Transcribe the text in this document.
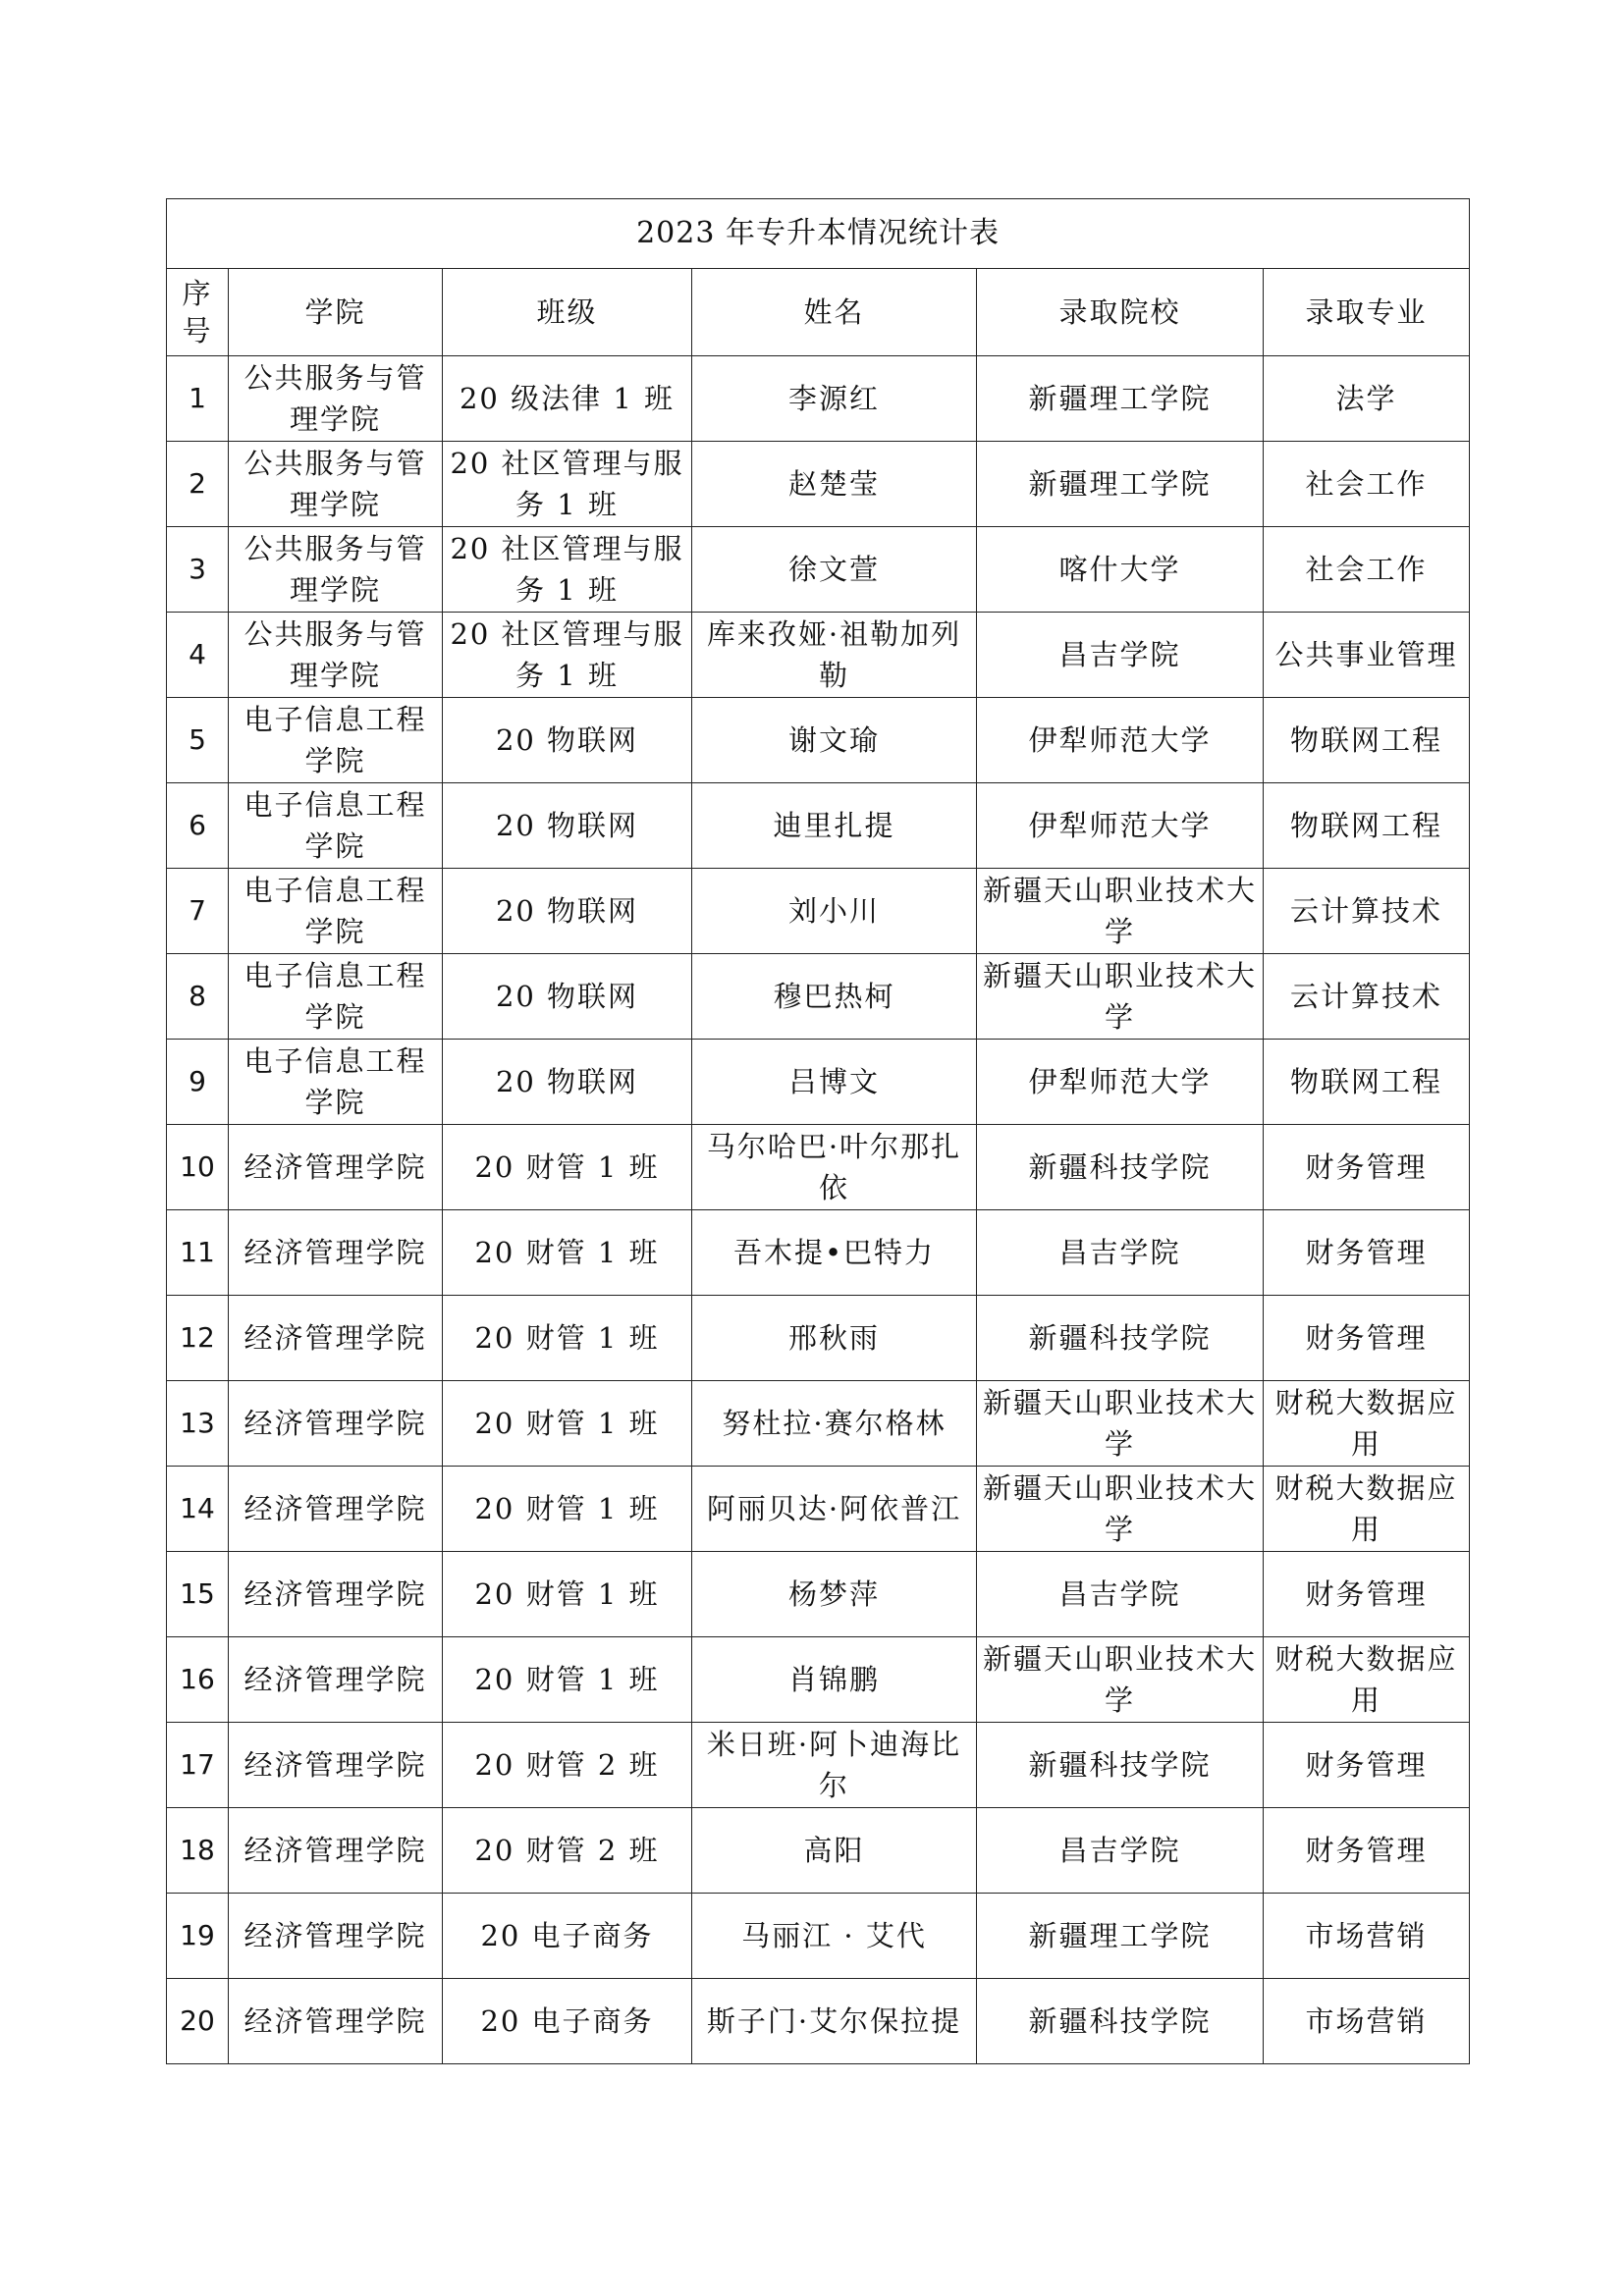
2023 年专升本情况统计表					
序号	学院	班级	姓名	录取院校	录取专业
1	公共服务与管理学院	20 级法律 1 班	李源红	新疆理工学院	法学
2	公共服务与管理学院	20 社区管理与服务 1 班	赵楚莹	新疆理工学院	社会工作
3	公共服务与管理学院	20 社区管理与服务 1 班	徐文萱	喀什大学	社会工作
4	公共服务与管理学院	20 社区管理与服务 1 班	库来孜娅·祖勒加列勒	昌吉学院	公共事业管理
5	电子信息工程学院	20 物联网	谢文瑜	伊犁师范大学	物联网工程
6	电子信息工程学院	20 物联网	迪里扎提	伊犁师范大学	物联网工程
7	电子信息工程学院	20 物联网	刘小川	新疆天山职业技术大学	云计算技术
8	电子信息工程学院	20 物联网	穆巴热柯	新疆天山职业技术大学	云计算技术
9	电子信息工程学院	20 物联网	吕博文	伊犁师范大学	物联网工程
10	经济管理学院	20 财管 1 班	马尔哈巴·叶尔那扎依	新疆科技学院	财务管理
11	经济管理学院	20 财管 1 班	吾木提•巴特力	昌吉学院	财务管理
12	经济管理学院	20 财管 1 班	邢秋雨	新疆科技学院	财务管理
13	经济管理学院	20 财管 1 班	努杜拉·赛尔格林	新疆天山职业技术大学	财税大数据应用
14	经济管理学院	20 财管 1 班	阿丽贝达·阿依普江	新疆天山职业技术大学	财税大数据应用
15	经济管理学院	20 财管 1 班	杨梦萍	昌吉学院	财务管理
16	经济管理学院	20 财管 1 班	肖锦鹏	新疆天山职业技术大学	财税大数据应用
17	经济管理学院	20 财管 2 班	米日班·阿卜迪海比尔	新疆科技学院	财务管理
18	经济管理学院	20 财管 2 班	高阳	昌吉学院	财务管理
19	经济管理学院	20 电子商务	马丽江 · 艾代	新疆理工学院	市场营销
20	经济管理学院	20 电子商务	斯子门·艾尔保拉提	新疆科技学院	市场营销
